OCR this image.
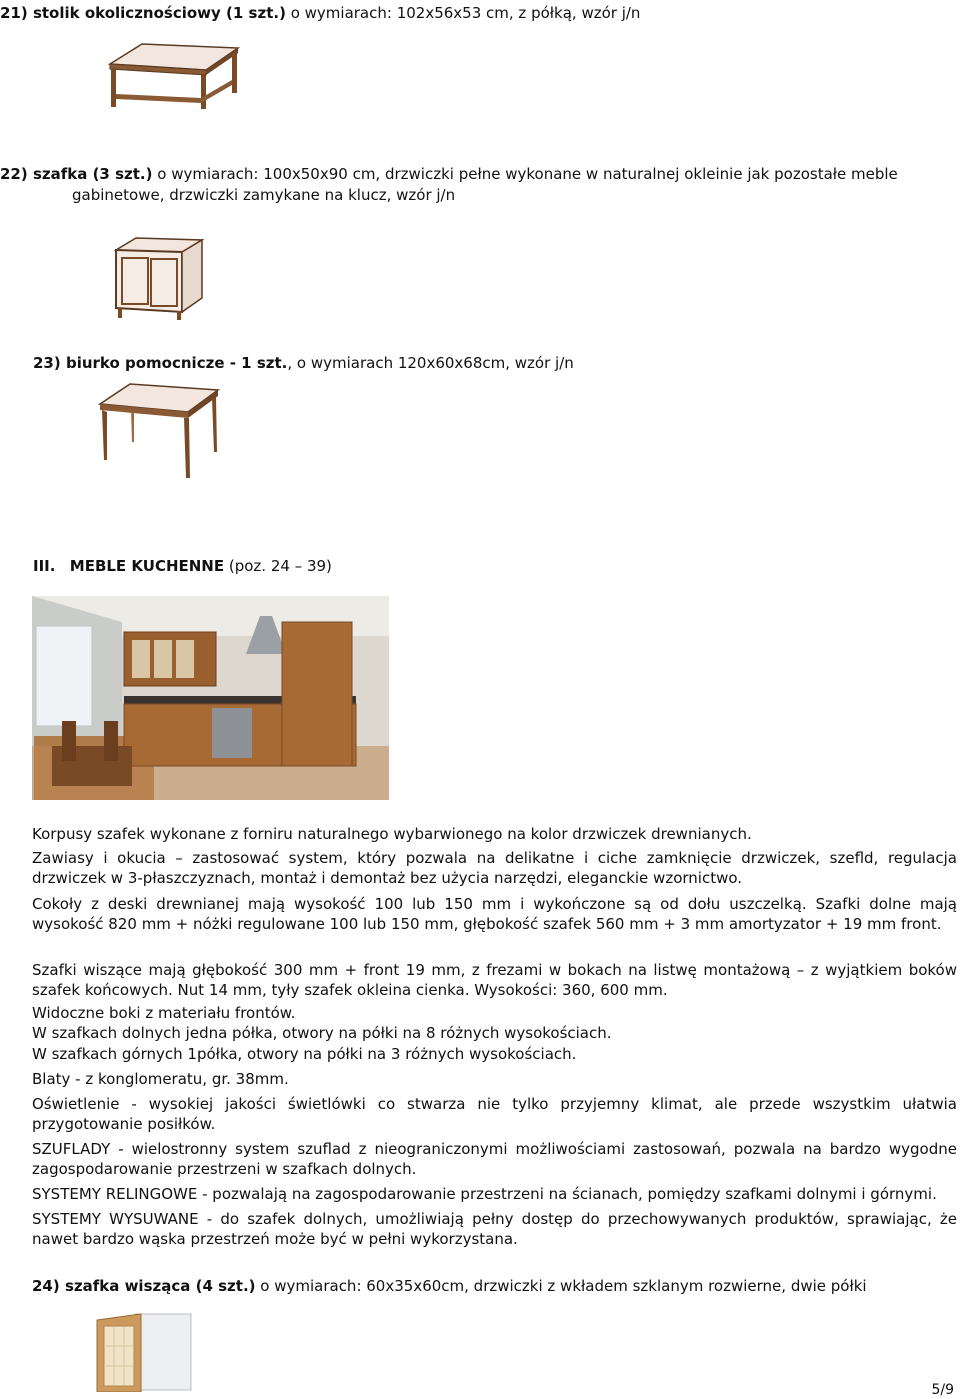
21) stolik okolicznościowy (1 szt.) o wymiarach: 102x56x53 cm, z półką, wzór j/n
22) szafka (3 szt.) o wymiarach: 100x50x90 cm, drzwiczki pełne wykonane w naturalnej okleinie jak pozostałe meble
gabinetowe, drzwiczki zamykane na klucz, wzór j/n
23) biurko pomocnicze - 1 szt., o wymiarach 120x60x68cm, wzór j/n
III. MEBLE KUCHENNE (poz. 24 – 39)
Korpusy szafek wykonane z forniru naturalnego wybarwionego na kolor drzwiczek drewnianych.
Zawiasy i okucia – zastosować system, który pozwala na delikatne i ciche zamknięcie drzwiczek, szefld, regulacja drzwiczek w 3-płaszczyznach, montaż i demontaż bez użycia narzędzi, eleganckie wzornictwo.
Cokoły z deski drewnianej mają wysokość 100 lub 150 mm i wykończone są od dołu uszczelką. Szafki dolne mają wysokość 820 mm + nóżki regulowane 100 lub 150 mm, głębokość szafek 560 mm + 3 mm amortyzator + 19 mm front.
Szafki wiszące mają głębokość 300 mm + front 19 mm, z frezami w bokach na listwę montażową – z wyjątkiem boków szafek końcowych. Nut 14 mm, tyły szafek okleina cienka. Wysokości: 360, 600 mm.
Widoczne boki z materiału frontów.
W szafkach dolnych jedna półka, otwory na półki na 8 różnych wysokościach.
W szafkach górnych 1półka, otwory na półki na 3 różnych wysokościach.
Blaty - z konglomeratu, gr. 38mm.
Oświetlenie - wysokiej jakości świetlówki co stwarza nie tylko przyjemny klimat, ale przede wszystkim ułatwia przygotowanie posiłków.
SZUFLADY - wielostronny system szuflad z nieograniczonymi możliwościami zastosowań, pozwala na bardzo wygodne zagospodarowanie przestrzeni w szafkach dolnych.
SYSTEMY RELINGOWE - pozwalają na zagospodarowanie przestrzeni na ścianach, pomiędzy szafkami dolnymi i górnymi.
SYSTEMY WYSUWANE - do szafek dolnych, umożliwiają pełny dostęp do przechowywanych produktów, sprawiając, że nawet bardzo wąska przestrzeń może być w pełni wykorzystana.
24) szafka wisząca (4 szt.) o wymiarach: 60x35x60cm, drzwiczki z wkładem szklanym rozwierne, dwie półki
5/9
